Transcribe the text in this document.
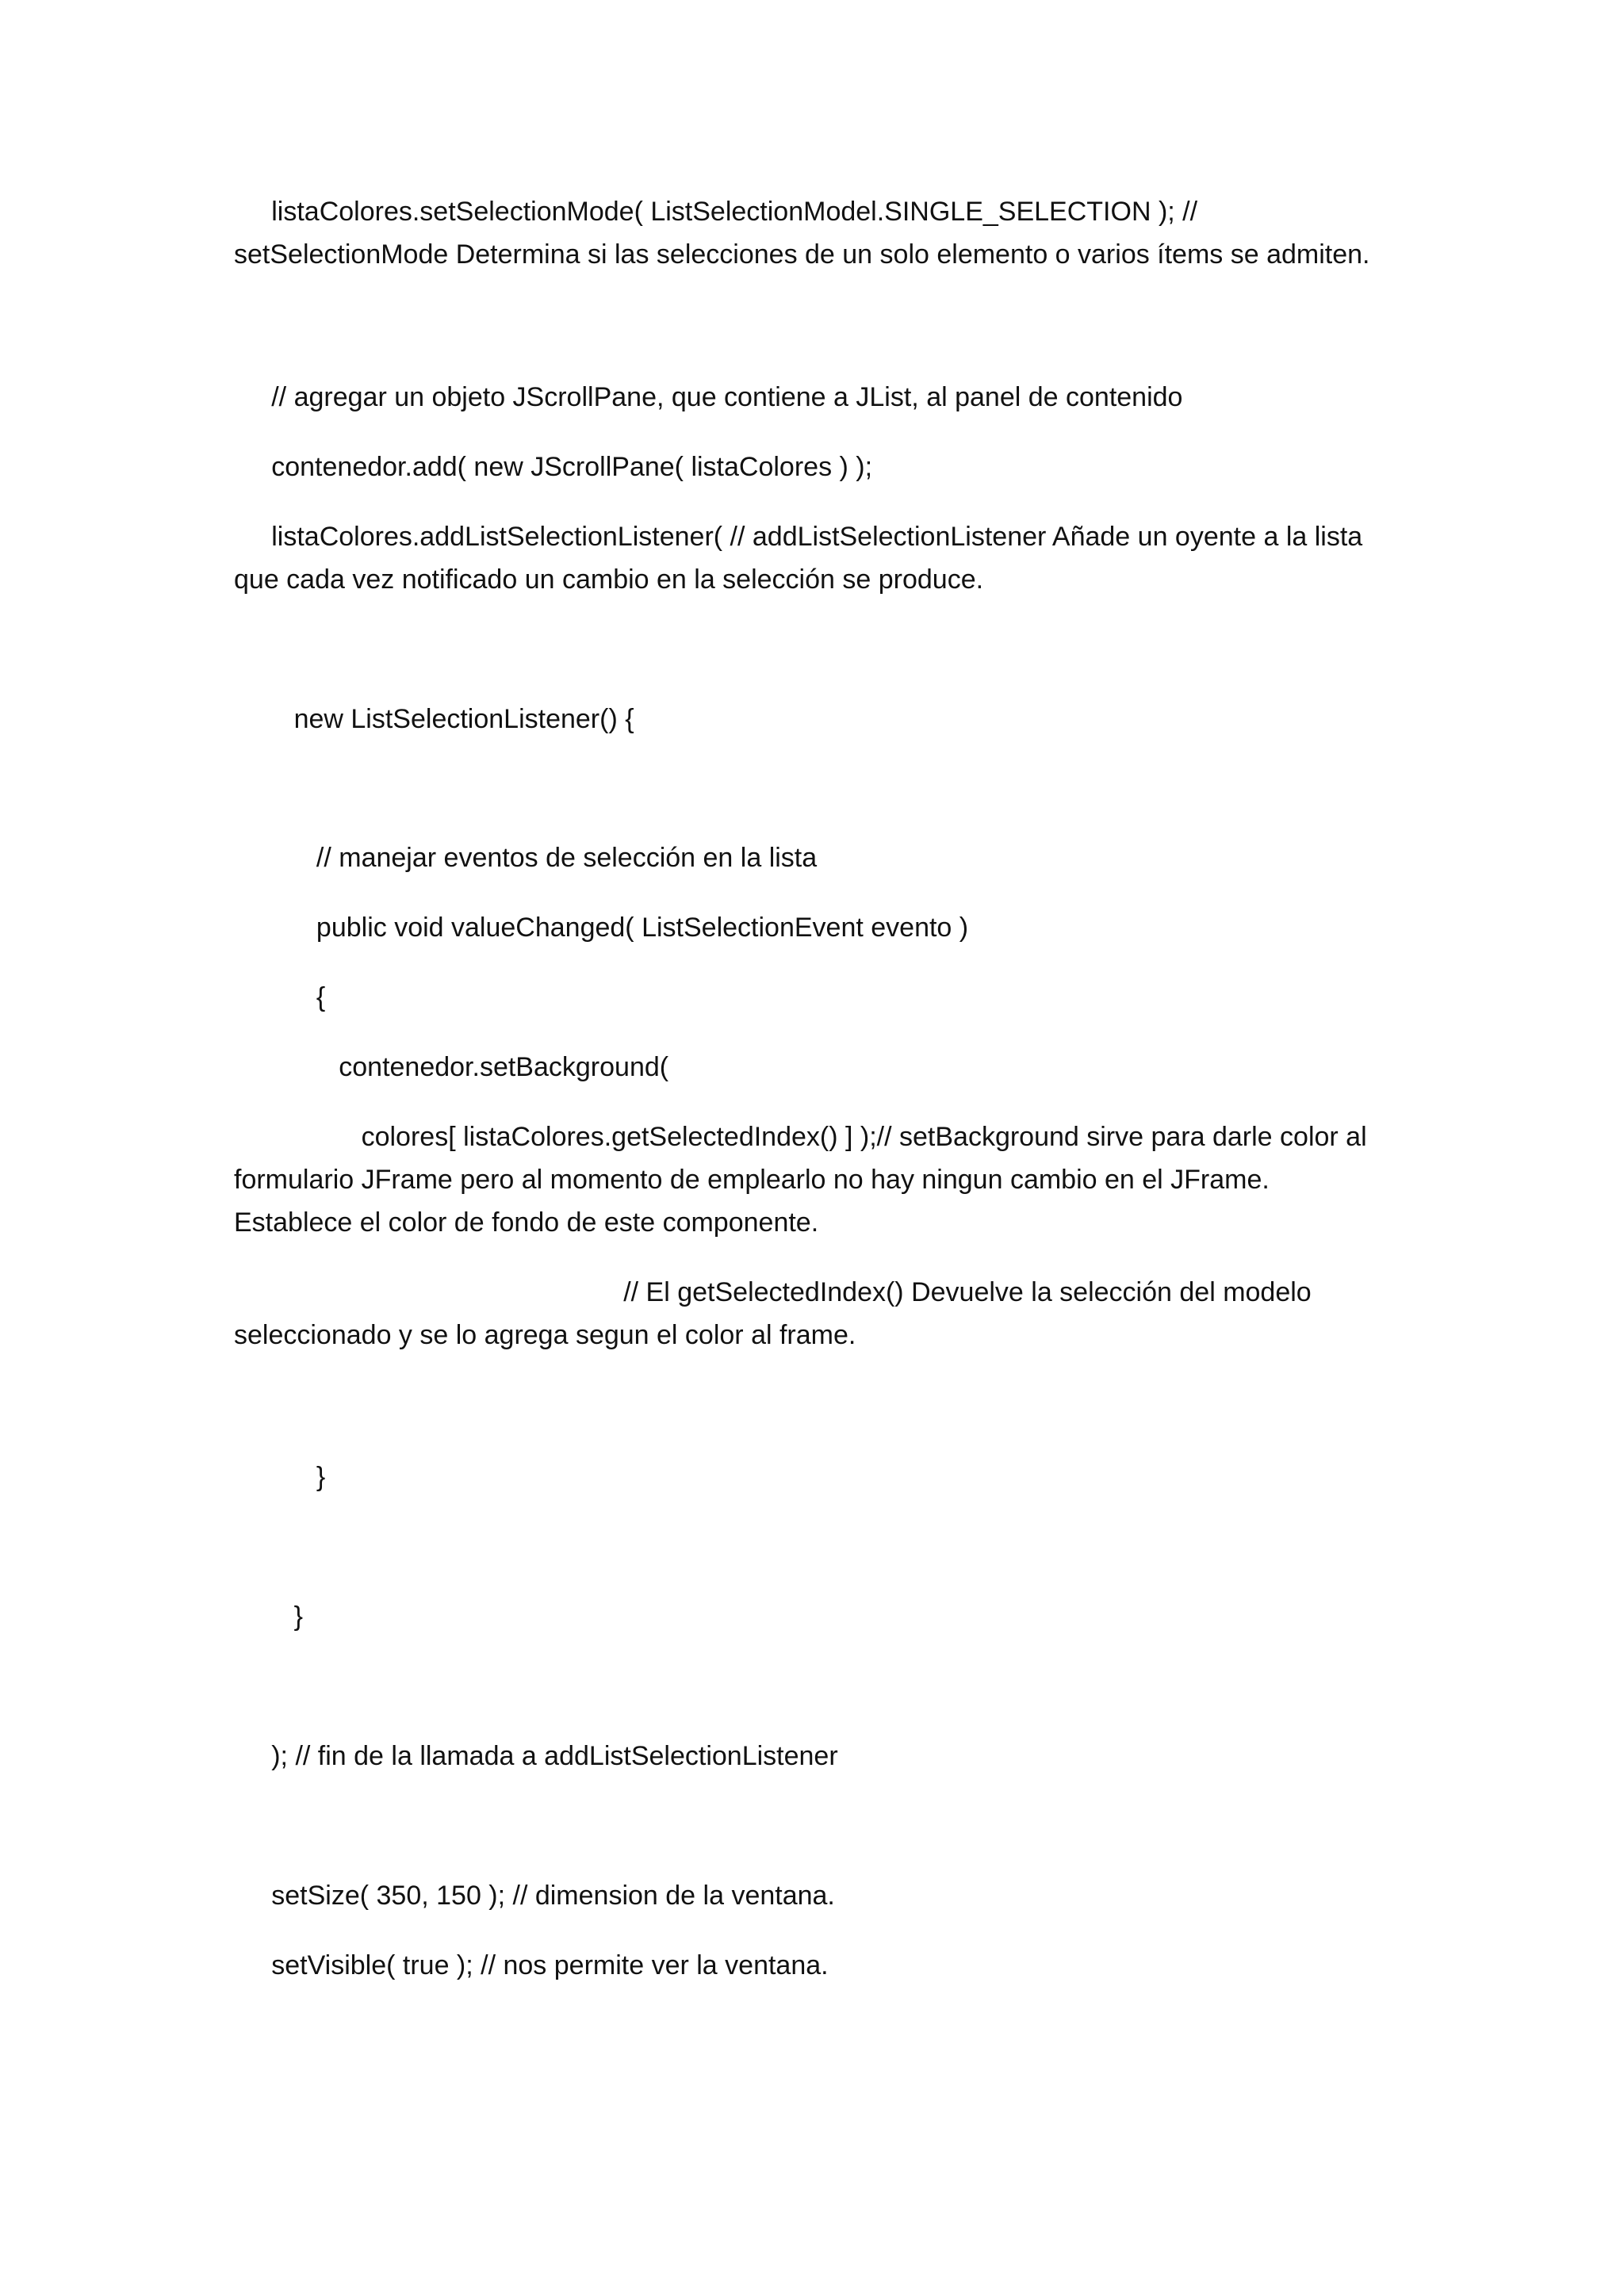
listaColores.setSelectionMode( ListSelectionModel.SINGLE_SELECTION ); //
setSelectionMode Determina si las selecciones de un solo elemento o varios ítems se admiten.

// agregar un objeto JScrollPane, que contiene a JList, al panel de contenido

contenedor.add( new JScrollPane( listaColores ) );

listaColores.addListSelectionListener( // addListSelectionListener Añade un oyente a la lista
que cada vez notificado un cambio en la selección se produce.

new ListSelectionListener() {

// manejar eventos de selección en la lista

public void valueChanged( ListSelectionEvent evento )

{

contenedor.setBackground(

colores[ listaColores.getSelectedIndex() ] );// setBackground sirve para darle color al
formulario JFrame pero al momento de emplearlo no hay ningun cambio en el JFrame.
Establece el color de fondo de este componente.

// El getSelectedIndex() Devuelve la selección del modelo
seleccionado y se lo agrega segun el color al frame.

}

}

); // fin de la llamada a addListSelectionListener

setSize( 350, 150 ); // dimension de la ventana.

setVisible( true ); // nos permite ver la ventana.
